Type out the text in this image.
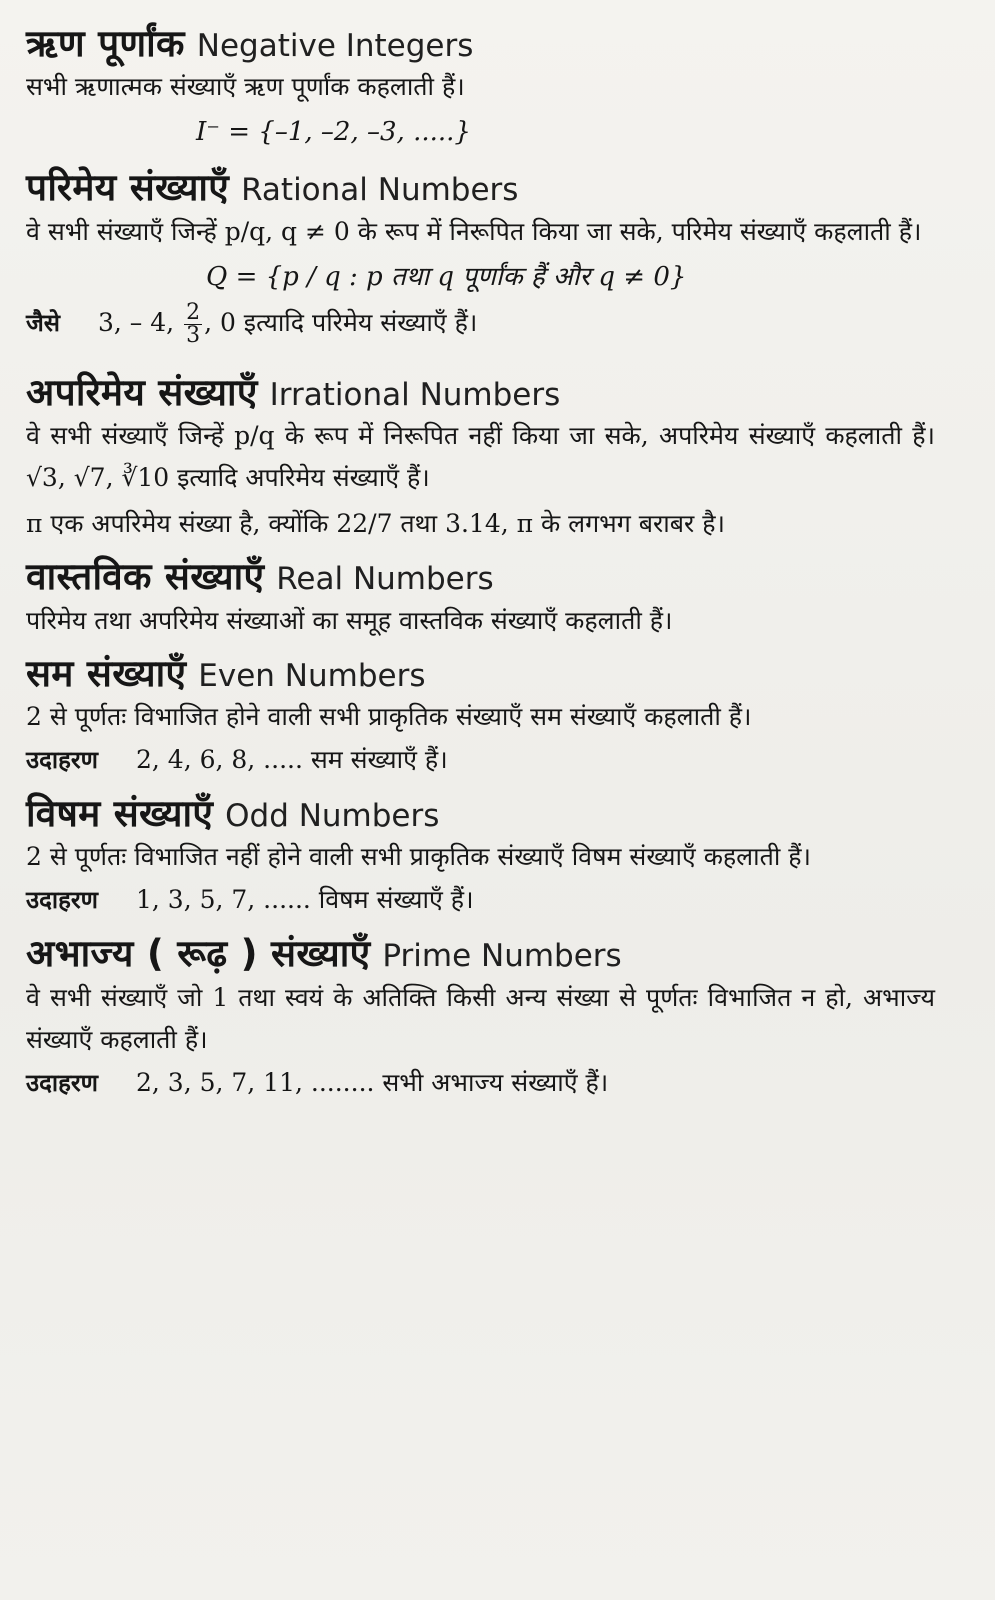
ऋण पूर्णांक Negative Integers

सभी ऋणात्मक संख्याएँ ऋण पूर्णांक कहलाती हैं।

I⁻ = {–1, –2, –3, .....}

परिमेय संख्याएँ Rational Numbers

वे सभी संख्याएँ जिन्हें p/q, q ≠ 0 के रूप में निरूपित किया जा सके, परिमेय संख्याएँ कहलाती हैं।

Q = {p / q : p तथा q पूर्णांक हैं और q ≠ 0}

जैसे 3, – 4, $\frac{2}{3}$ , 0 इत्यादि परिमेय संख्याएँ हैं।

अपरिमेय संख्याएँ Irrational Numbers

वे सभी संख्याएँ जिन्हें p/q के रूप में निरूपित नहीं किया जा सके, अपरिमेय संख्याएँ कहलाती हैं। √3, √7, ∛10 इत्यादि अपरिमेय संख्याएँ हैं।

π एक अपरिमेय संख्या है, क्योंकि 22/7 तथा 3.14, π के लगभग बराबर है।

वास्तविक संख्याएँ Real Numbers

परिमेय तथा अपरिमेय संख्याओं का समूह वास्तविक संख्याएँ कहलाती हैं।

सम संख्याएँ Even Numbers

2 से पूर्णतः विभाजित होने वाली सभी प्राकृतिक संख्याएँ सम संख्याएँ कहलाती हैं।

उदाहरण 2, 4, 6, 8, ..... सम संख्याएँ हैं।

विषम संख्याएँ Odd Numbers

2 से पूर्णतः विभाजित नहीं होने वाली सभी प्राकृतिक संख्याएँ विषम संख्याएँ कहलाती हैं।

उदाहरण 1, 3, 5, 7, ...... विषम संख्याएँ हैं।

अभाज्य ( रूढ़ ) संख्याएँ Prime Numbers

वे सभी संख्याएँ जो 1 तथा स्वयं के अतिक्ति किसी अन्य संख्या से पूर्णतः विभाजित न हो, अभाज्य संख्याएँ कहलाती हैं।

उदाहरण 2, 3, 5, 7, 11, ........ सभी अभाज्य संख्याएँ हैं।
